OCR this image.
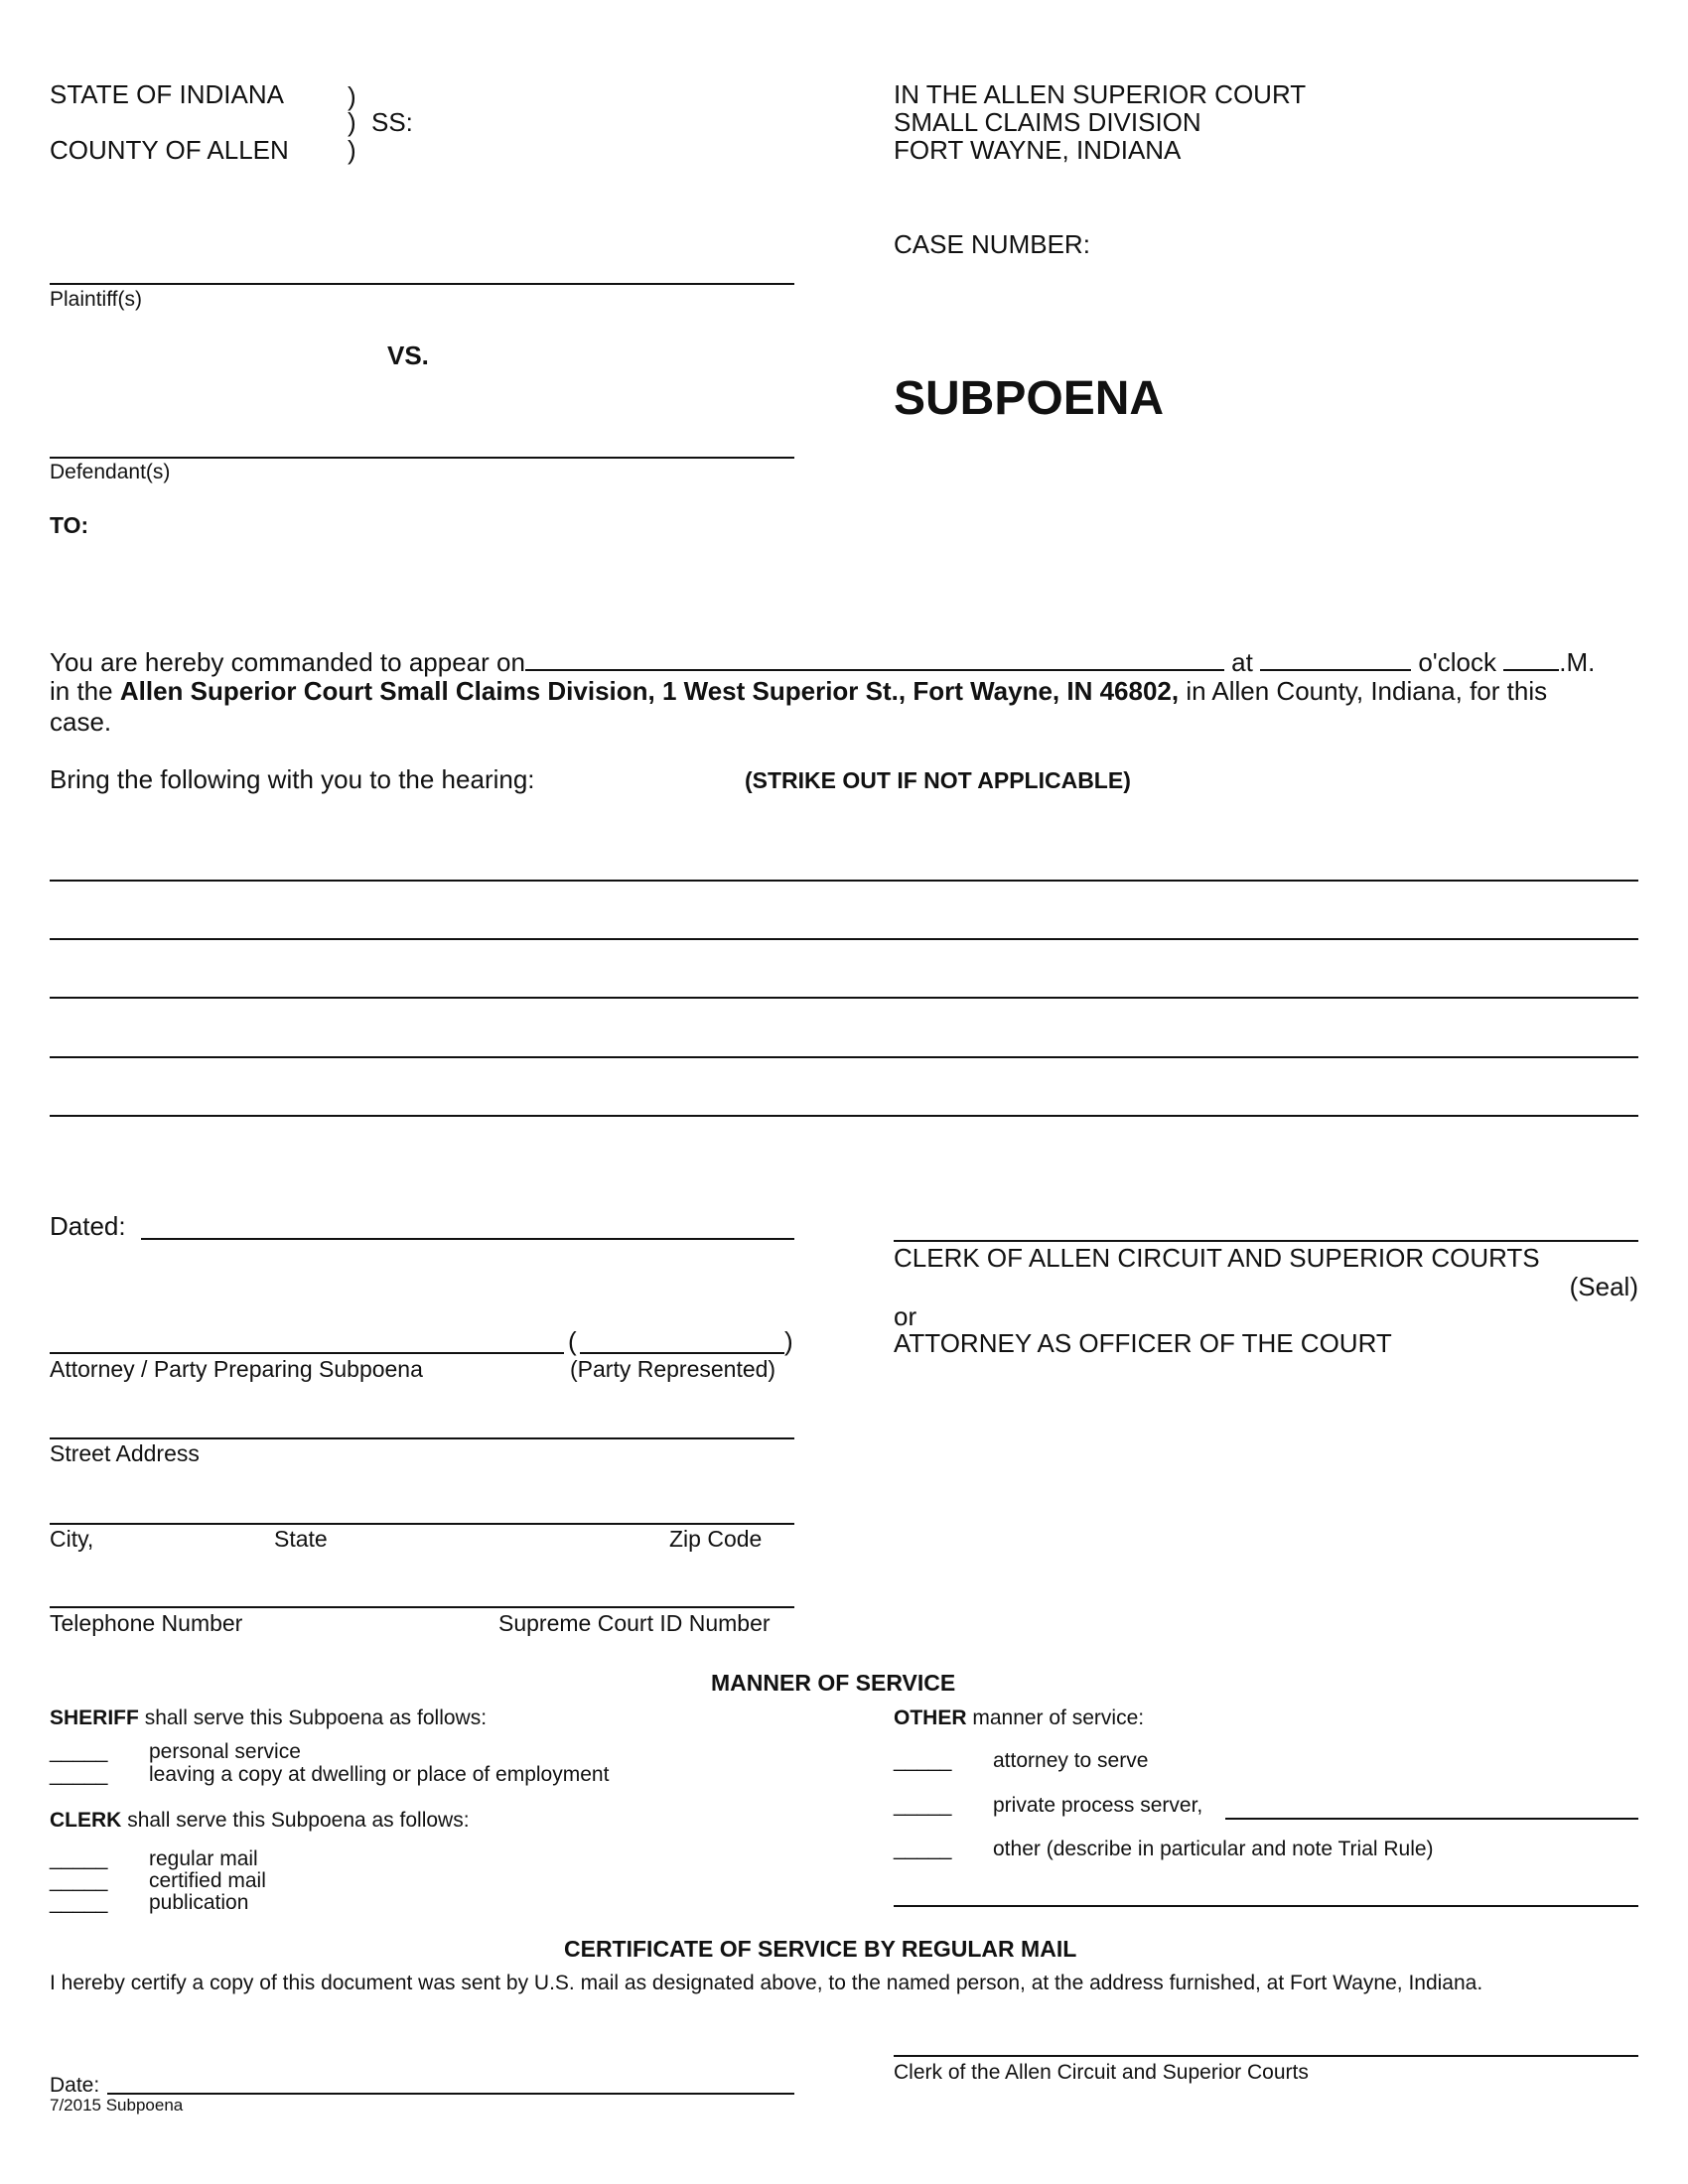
STATE OF INDIANA
COUNTY OF ALLEN
)
)
)
SS:
IN THE ALLEN SUPERIOR COURT
SMALL CLAIMS DIVISION
FORT WAYNE, INDIANA
CASE NUMBER:
Plaintiff(s)
VS.
SUBPOENA
Defendant(s)
TO:
You are hereby commanded to appear on	at	o'clock .M.
in the Allen Superior Court Small Claims Division, 1 West Superior St., Fort Wayne, IN 46802, in Allen County, Indiana, for this
case.
Bring the following with you to the hearing:	(STRIKE OUT IF NOT APPLICABLE)
Dated:
CLERK OF ALLEN CIRCUIT AND SUPERIOR COURTS
(Seal)
or
ATTORNEY AS OFFICER OF THE COURT
(	)
Attorney / Party Preparing Subpoena	(Party Represented)
Street Address
City,	State	Zip Code
Telephone Number	Supreme Court ID Number
MANNER OF SERVICE
SHERIFF shall serve this Subpoena as follows:
_____ personal service
_____ leaving a copy at dwelling or place of employment
CLERK shall serve this Subpoena as follows:
_____ regular mail
_____ certified mail
_____ publication
OTHER manner of service:
_____ attorney to serve
_____ private process server,
_____ other (describe in particular and note Trial Rule)
CERTIFICATE OF SERVICE BY REGULAR MAIL
I hereby certify a copy of this document was sent by U.S. mail as designated above, to the named person, at the address furnished, at Fort Wayne, Indiana.
Clerk of the Allen Circuit and Superior Courts
Date:
7/2015 Subpoena
